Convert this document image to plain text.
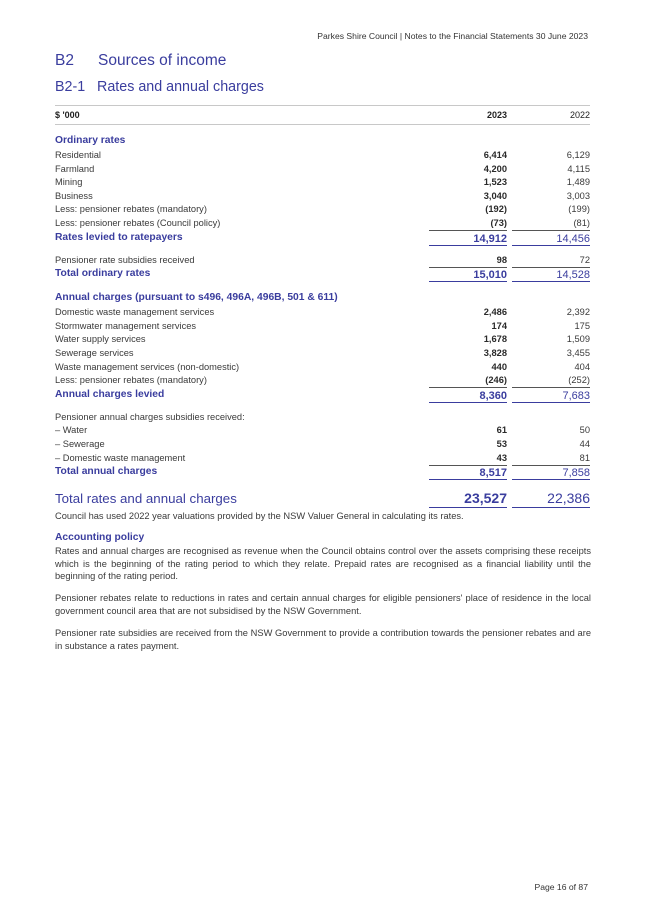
Parkes Shire Council | Notes to the Financial Statements 30 June 2023
B2 Sources of income
B2-1 Rates and annual charges
$ '000	2023	2022
Ordinary rates
Residential	6,414	6,129
Farmland	4,200	4,115
Mining	1,523	1,489
Business	3,040	3,003
Less: pensioner rebates (mandatory)	(192)	(199)
Less: pensioner rebates (Council policy)	(73)	(81)
Rates levied to ratepayers	14,912	14,456
Pensioner rate subsidies received	98	72
Total ordinary rates	15,010	14,528
Annual charges (pursuant to s496, 496A, 496B, 501 & 611)
Domestic waste management services	2,486	2,392
Stormwater management services	174	175
Water supply services	1,678	1,509
Sewerage services	3,828	3,455
Waste management services (non-domestic)	440	404
Less: pensioner rebates (mandatory)	(246)	(252)
Annual charges levied	8,360	7,683
Pensioner annual charges subsidies received:
– Water	61	50
– Sewerage	53	44
– Domestic waste management	43	81
Total annual charges	8,517	7,858
Total rates and annual charges	23,527	22,386
Council has used 2022 year valuations provided by the NSW Valuer General in calculating its rates.
Accounting policy
Rates and annual charges are recognised as revenue when the Council obtains control over the assets comprising these receipts which is the beginning of the rating period to which they relate. Prepaid rates are recognised as a financial liability until the beginning of the rating period.
Pensioner rebates relate to reductions in rates and certain annual charges for eligible pensioners' place of residence in the local government council area that are not subsidised by the NSW Government.
Pensioner rate subsidies are received from the NSW Government to provide a contribution towards the pensioner rebates and are in substance a rates payment.
Page 16 of 87
